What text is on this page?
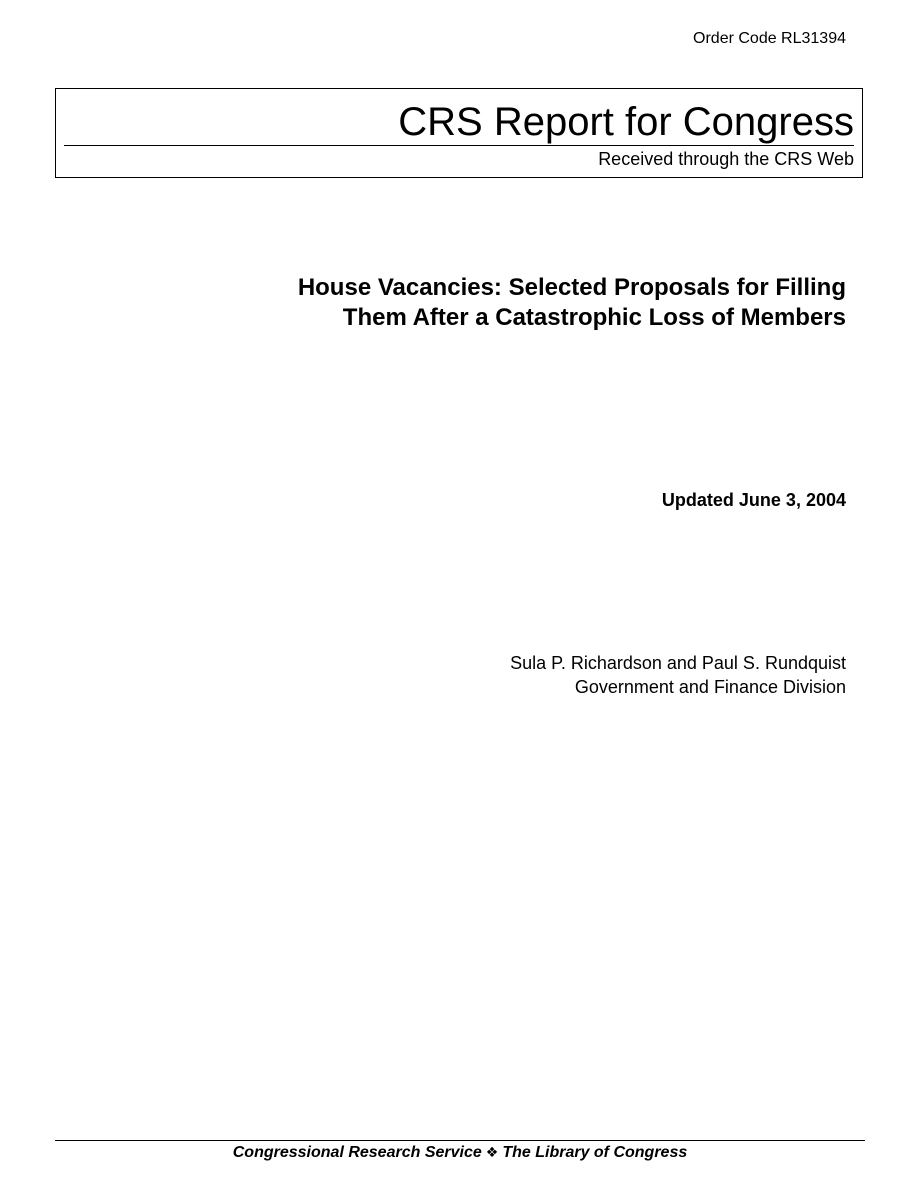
Order Code RL31394
CRS Report for Congress
Received through the CRS Web
House Vacancies: Selected Proposals for Filling
Them After a Catastrophic Loss of Members
Updated June 3, 2004
Sula P. Richardson and Paul S. Rundquist
Government and Finance Division
Congressional Research Service ❖ The Library of Congress
